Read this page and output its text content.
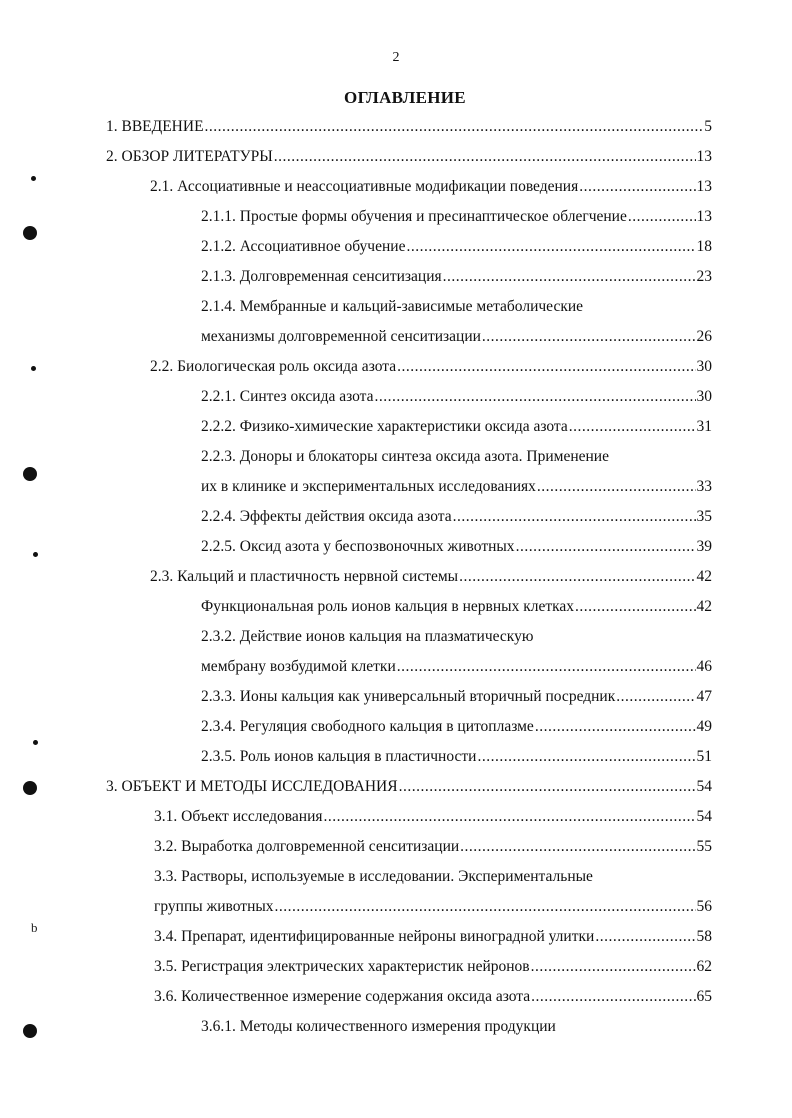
2
ОГЛАВЛЕНИЕ
1. ВВЕДЕНИЕ .....	5
2. ОБЗОР ЛИТЕРАТУРЫ .....	13
2.1. Ассоциативные и неассоциативные модификации поведения .....	13
2.1.1. Простые формы обучения и пресинаптическое облегчение .....	13
2.1.2. Ассоциативное обучение .....	18
2.1.3. Долговременная сенситизация .....	23
2.1.4. Мембранные и кальций-зависимые метаболические
механизмы долговременной сенситизации .....	26
2.2. Биологическая роль оксида азота .....	30
2.2.1. Синтез оксида азота .....	30
2.2.2. Физико-химические характеристики оксида азота .....	31
2.2.3. Доноры и блокаторы синтеза оксида азота. Применение
их в клинике и экспериментальных исследованиях .....	33
2.2.4. Эффекты действия оксида азота .....	35
2.2.5. Оксид азота у беспозвоночных животных .....	39
2.3. Кальций и пластичность нервной системы .....	42
Функциональная роль ионов кальция в нервных клетках .....	42
2.3.2. Действие ионов кальция на плазматическую
мембрану возбудимой клетки .....	46
2.3.3. Ионы кальция как универсальный вторичный посредник .....	47
2.3.4. Регуляция свободного кальция в цитоплазме .....	49
2.3.5. Роль ионов кальция в пластичности .....	51
3. ОБЪЕКТ И МЕТОДЫ ИССЛЕДОВАНИЯ .....	54
3.1. Объект исследования .....	54
3.2. Выработка долговременной сенситизации .....	55
3.3. Растворы, используемые в исследовании. Экспериментальные
группы животных .....	56
3.4. Препарат, идентифицированные нейроны виноградной улитки .....	58
3.5. Регистрация электрических характеристик нейронов .....	62
3.6. Количественное измерение содержания оксида азота .....	65
3.6.1. Методы количественного измерения продукции
b
